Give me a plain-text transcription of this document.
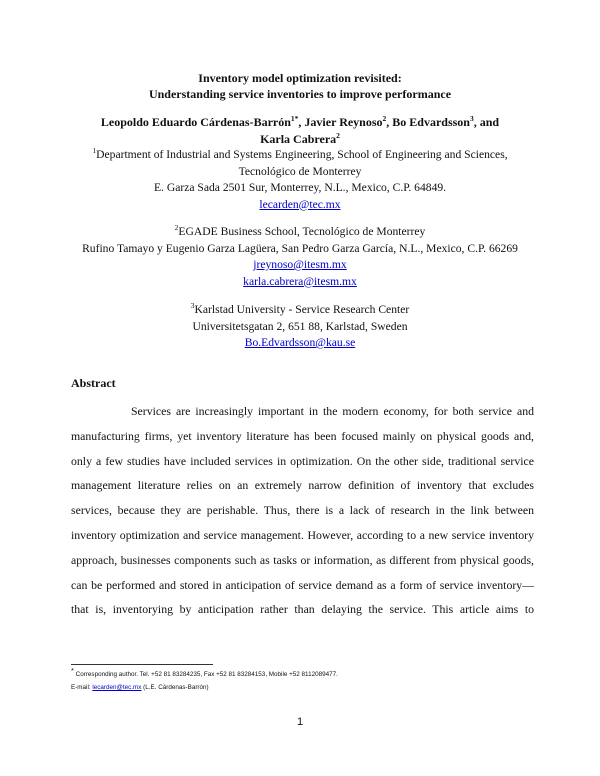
Inventory model optimization revisited:
Understanding service inventories to improve performance
Leopoldo Eduardo Cárdenas-Barrón$^{1*}$, Javier Reynoso$^2$, Bo Edvardsson$^3$, and Karla Cabrera$^2$
$^1$Department of Industrial and Systems Engineering, School of Engineering and Sciences,
Tecnológico de Monterrey
E. Garza Sada 2501 Sur, Monterrey, N.L., Mexico, C.P. 64849.
lecarden@tec.mx
$^2$EGADE Business School, Tecnológico de Monterrey
Rufino Tamayo y Eugenio Garza Lagüera, San Pedro Garza García, N.L., Mexico, C.P. 66269
jreynoso@itesm.mx
karla.cabrera@itesm.mx
$^3$Karlstad University - Service Research Center
Universitetsgatan 2, 651 88, Karlstad, Sweden
Bo.Edvardsson@kau.se
Abstract
Services are increasingly important in the modern economy, for both service and
manufacturing firms, yet inventory literature has been focused mainly on physical goods and,
only a few studies have included services in optimization. On the other side, traditional service
management literature relies on an extremely narrow definition of inventory that excludes
services, because they are perishable. Thus, there is a lack of research in the link between
inventory optimization and service management. However, according to a new service inventory
approach, businesses components such as tasks or information, as different from physical goods,
can be performed and stored in anticipation of service demand as a form of service inventory—
that is, inventorying by anticipation rather than delaying the service. This article aims to
* Corresponding author. Tel. +52 81 83284235, Fax +52 81 83284153, Mobile +52 8112089477.
E-mail: lecarden@tec.mx (L.E. Cárdenas-Barrón)
1
